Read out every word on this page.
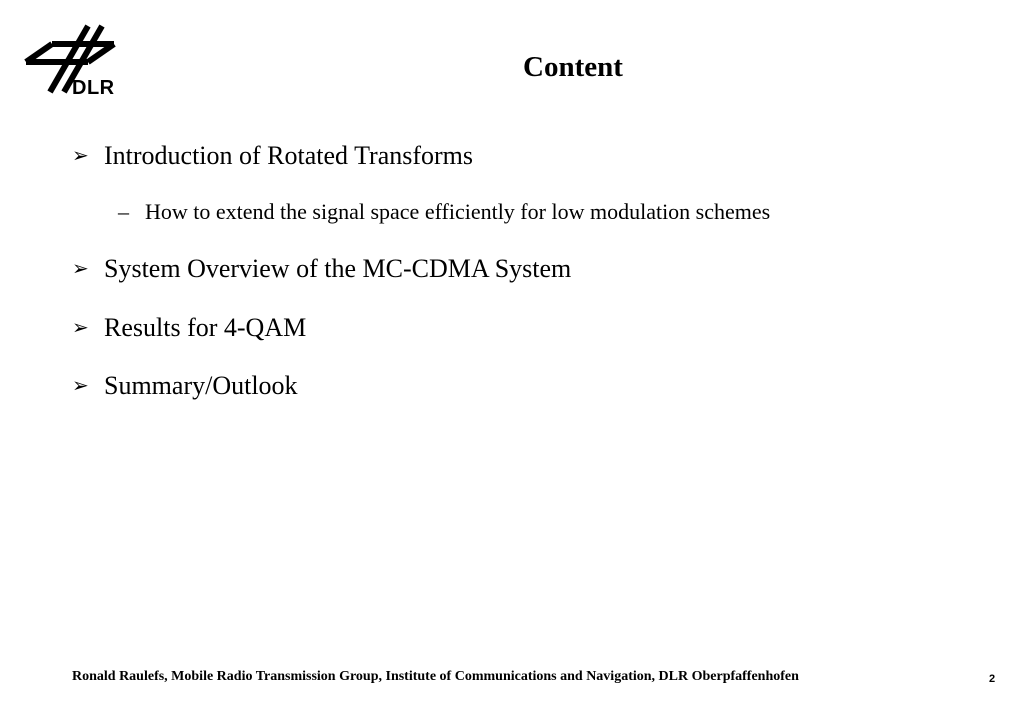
DLR
Content
➢ Introduction of Rotated Transforms
– How to extend the signal space efficiently for low modulation schemes
➢ System Overview of the MC-CDMA System
➢ Results for 4-QAM
➢ Summary/Outlook
Ronald Raulefs, Mobile Radio Transmission Group, Institute of Communications and Navigation, DLR Oberpfaffenhofen	2
